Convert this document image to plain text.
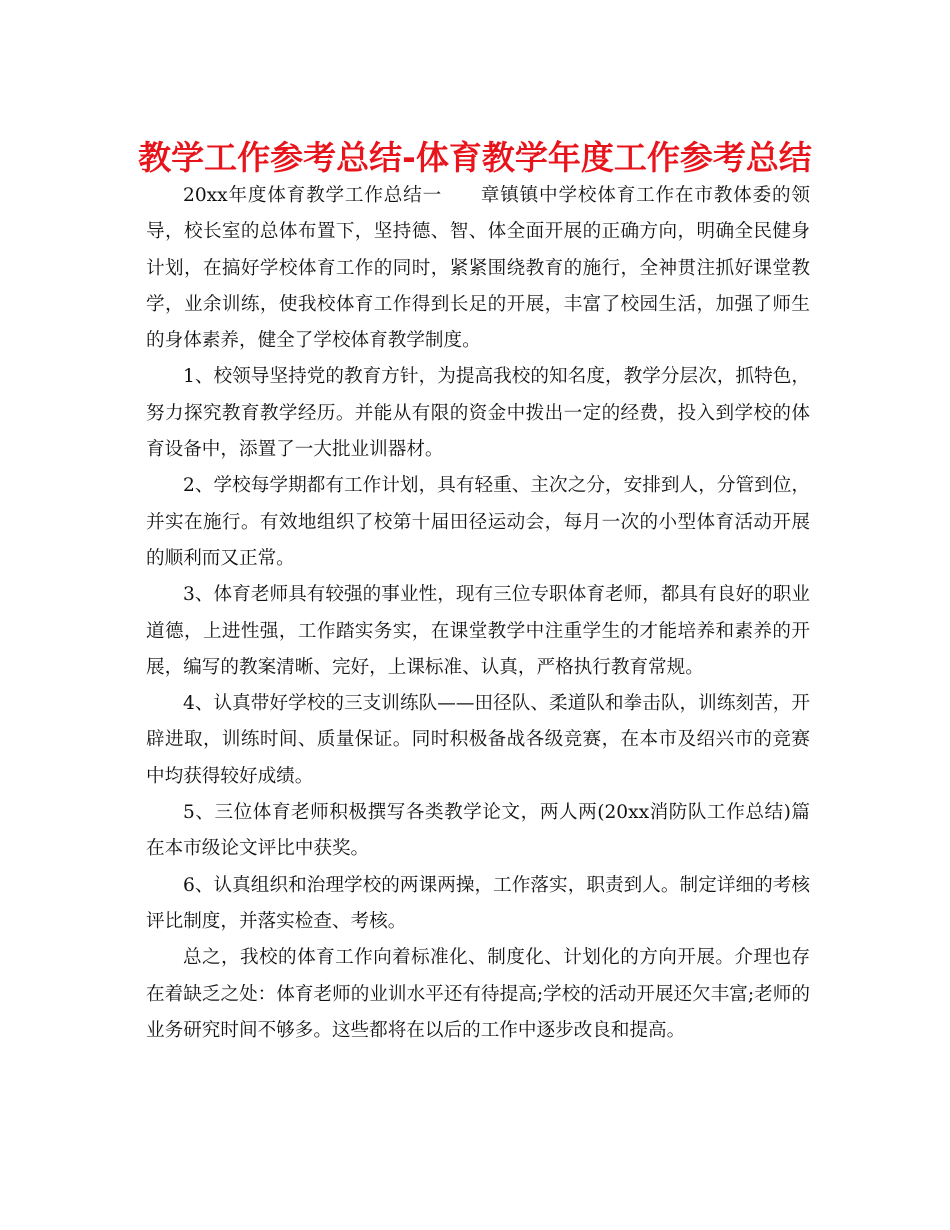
教学工作参考总结-体育教学年度工作参考总结

20xx年度体育教学工作总结一　　章镇镇中学校体育工作在市教体委的领导，校长室的总体布置下，坚持德、智、体全面开展的正确方向，明确全民健身计划，在搞好学校体育工作的同时，紧紧围绕教育的施行，全神贯注抓好课堂教学，业余训练，使我校体育工作得到长足的开展，丰富了校园生活，加强了师生的身体素养，健全了学校体育教学制度。

1、校领导坚持党的教育方针，为提高我校的知名度，教学分层次，抓特色，努力探究教育教学经历。并能从有限的资金中拨出一定的经费，投入到学校的体育设备中，添置了一大批业训器材。

2、学校每学期都有工作计划，具有轻重、主次之分，安排到人，分管到位，并实在施行。有效地组织了校第十届田径运动会，每月一次的小型体育活动开展的顺利而又正常。

3、体育老师具有较强的事业性，现有三位专职体育老师，都具有良好的职业道德，上进性强，工作踏实务实，在课堂教学中注重学生的才能培养和素养的开展，编写的教案清晰、完好，上课标准、认真，严格执行教育常规。

4、认真带好学校的三支训练队——田径队、柔道队和拳击队，训练刻苦，开辟进取，训练时间、质量保证。同时积极备战各级竞赛，在本市及绍兴市的竞赛中均获得较好成绩。

5、三位体育老师积极撰写各类教学论文，两人两(20xx消防队工作总结)篇在本市级论文评比中获奖。

6、认真组织和治理学校的两课两操，工作落实，职责到人。制定详细的考核评比制度，并落实检查、考核。

总之，我校的体育工作向着标准化、制度化、计划化的方向开展。介理也存在着缺乏之处：体育老师的业训水平还有待提高;学校的活动开展还欠丰富;老师的业务研究时间不够多。这些都将在以后的工作中逐步改良和提高。
